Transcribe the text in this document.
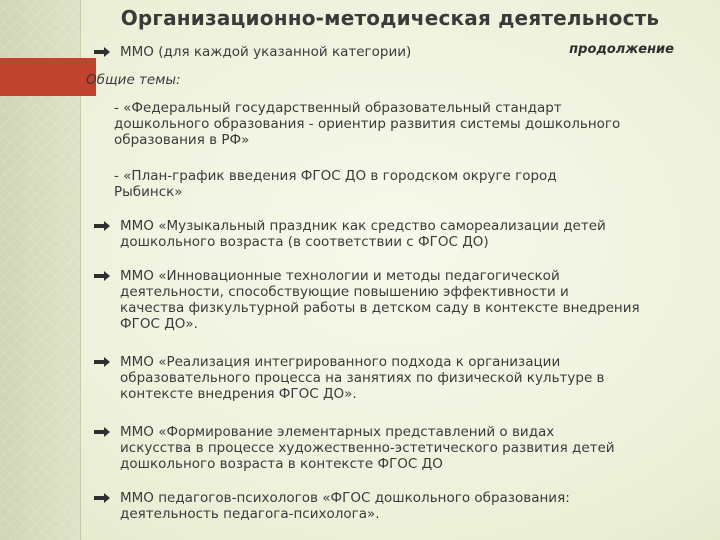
Организационно-методическая деятельность
продолжение
ММО (для каждой указанной категории)
Общие темы:
- «Федеральный государственный образовательный стандарт
дошкольного образования - ориентир развития системы дошкольного
образования в РФ»
- «План-график введения ФГОС ДО в городском округе город
Рыбинск»
ММО «Музыкальный праздник как средство самореализации детей
дошкольного возраста (в соответствии с ФГОС ДО)
ММО «Инновационные технологии и методы педагогической
деятельности, способствующие повышению эффективности и
качества физкультурной работы в детском саду в контексте внедрения
ФГОС ДО».
ММО «Реализация интегрированного подхода к организации
образовательного процесса на занятиях по физической культуре в
контексте внедрения ФГОС ДО».
ММО «Формирование элементарных представлений о видах
искусства в процессе художественно-эстетического развития детей
дошкольного возраста в контексте ФГОС ДО
ММО педагогов-психологов «ФГОС дошкольного образования:
деятельность педагога-психолога».
